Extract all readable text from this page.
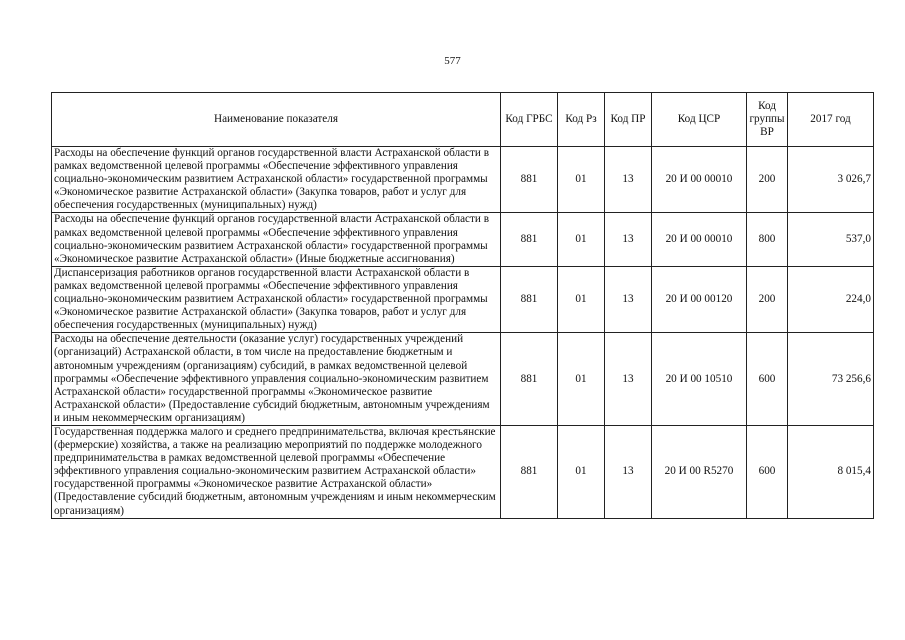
577
Наименование показателя	Код ГРБС	Код Рз	Код ПР	Код ЦСР	Код группы ВР	2017 год
Расходы на обеспечение функций органов государственной власти Астраханской области в рамках ведомственной целевой программы «Обеспечение эффективного управления социально-экономическим развитием Астраханской области» государственной программы «Экономическое развитие Астраханской области» (Закупка товаров, работ и услуг для обеспечения государственных (муниципальных) нужд)	881	01	13	20 И 00 00010	200	3 026,7
Расходы на обеспечение функций органов государственной власти Астраханской области в рамках ведомственной целевой программы «Обеспечение эффективного управления социально-экономическим развитием Астраханской области» государственной программы «Экономическое развитие Астраханской области» (Иные бюджетные ассигнования)	881	01	13	20 И 00 00010	800	537,0
Диспансеризация работников органов государственной власти Астраханской области в рамках ведомственной целевой программы «Обеспечение эффективного управления социально-экономическим развитием Астраханской области» государственной программы «Экономическое развитие Астраханской области» (Закупка товаров, работ и услуг для обеспечения государственных (муниципальных) нужд)	881	01	13	20 И 00 00120	200	224,0
Расходы на обеспечение деятельности (оказание услуг) государственных учреждений (организаций) Астраханской области, в том числе на предоставление бюджетным и автономным учреждениям (организациям) субсидий, в рамках ведомственной целевой программы «Обеспечение эффективного управления социально-экономическим развитием Астраханской области» государственной программы «Экономическое развитие Астраханской области» (Предоставление субсидий бюджетным, автономным учреждениям и иным некоммерческим организациям)	881	01	13	20 И 00 10510	600	73 256,6
Государственная поддержка малого и среднего предпринимательства, включая крестьянские (фермерские) хозяйства, а также на реализацию мероприятий по поддержке молодежного предпринимательства в рамках ведомственной целевой программы «Обеспечение эффективного управления социально-экономическим развитием Астраханской области» государственной программы «Экономическое развитие Астраханской области» (Предоставление субсидий бюджетным, автономным учреждениям и иным некоммерческим организациям)	881	01	13	20 И 00 R5270	600	8 015,4
